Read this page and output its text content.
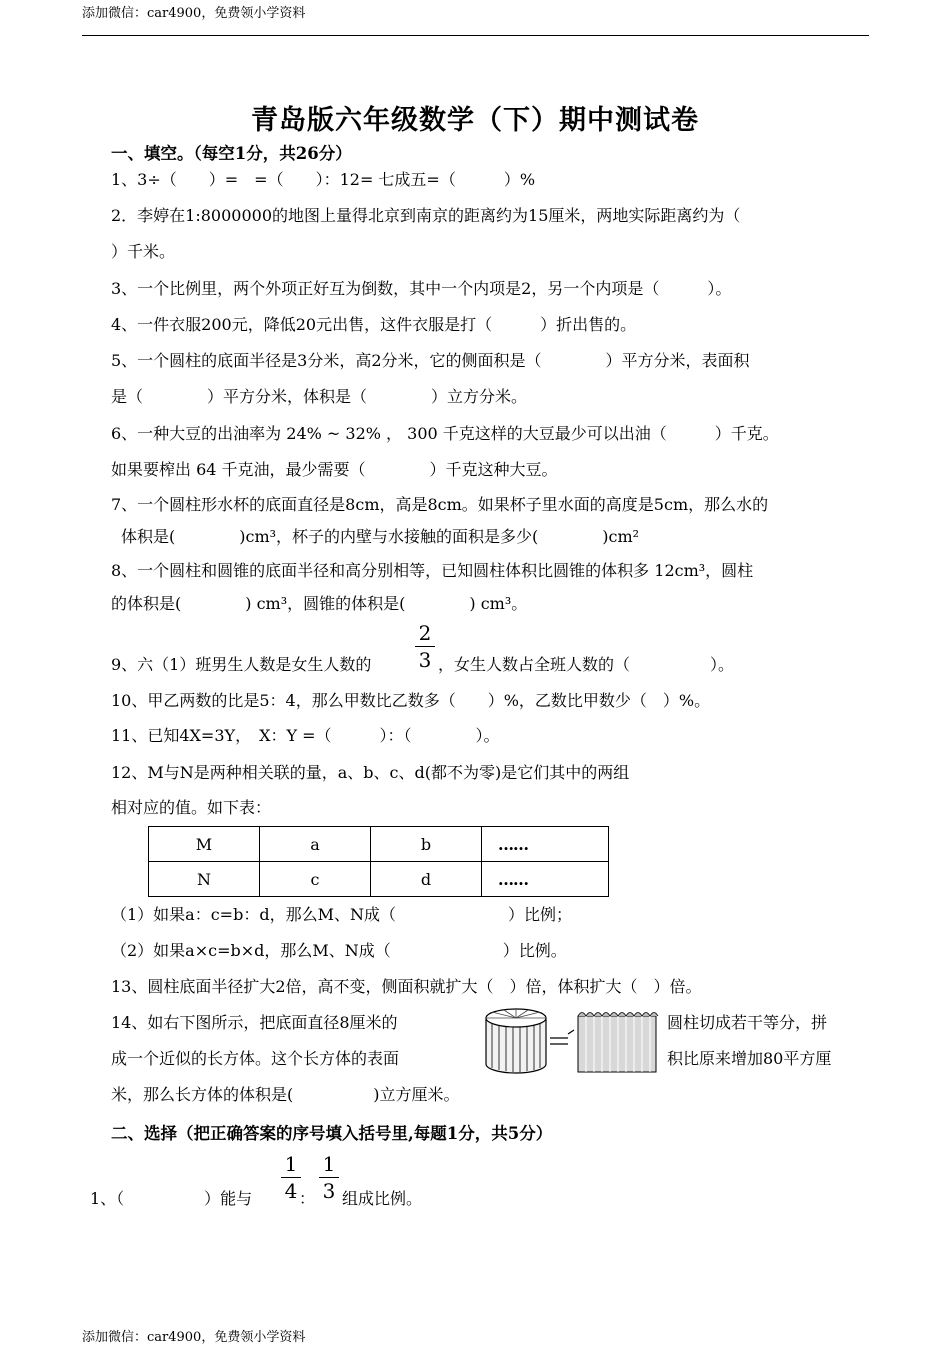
添加微信：car4900，免费领小学资料
青岛版六年级数学（下）期中测试卷
一、填空。（每空1分，共26分）
1、3÷（　　）=　=（　　）：12= 七成五=（　　　）%
2．李婷在1:8000000的地图上量得北京到南京的距离约为15厘米，两地实际距离约为（
）千米。
3、一个比例里，两个外项正好互为倒数，其中一个内项是2，另一个内项是（　　　）。
4、一件衣服200元，降低20元出售，这件衣服是打（　　　）折出售的。
5、一个圆柱的底面半径是3分米，高2分米，它的侧面积是（　　　　）平方分米，表面积
是（　　　　）平方分米，体积是（　　　　）立方分米。
6、一种大豆的出油率为 24% ~ 32% ， 300 千克这样的大豆最少可以出油（　　　）千克。
如果要榨出 64 千克油，最少需要（　　　　）千克这种大豆。
7、一个圆柱形水杯的底面直径是8cm，高是8cm。如果杯子里水面的高度是5cm，那么水的
体积是(　　　　)cm³，杯子的内壁与水接触的面积是多少(　　　　)cm²
8、一个圆柱和圆锥的底面半径和高分别相等，已知圆柱体积比圆锥的体积多 12cm³，圆柱
的体积是(　　　　) cm³，圆锥的体积是(　　　　) cm³。
9、六（1）班男生人数是女生人数的
2
3 ，女生人数占全班人数的（　　　　　）。
10、甲乙两数的比是5：4，那么甲数比乙数多（　　）%，乙数比甲数少（　）%。
11、已知4X=3Y，　X：Y =（　　　）：（　　　　）。
12、M与N是两种相关联的量，a、b、c、d(都不为零)是它们其中的两组
相对应的值。如下表：
M	a	b	……
N	c	d	……
（1）如果a：c=b：d，那么M、N成（　　　　　　　）比例；
（2）如果a×c=b×d，那么M、N成（　　　　　　　）比例。
13、圆柱底面半径扩大2倍，高不变，侧面积就扩大（　）倍，体积扩大（　）倍。
14、如右下图所示，把底面直径8厘米的	圆柱切成若干等分，拼
成一个近似的长方体。这个长方体的表面	积比原来增加80平方厘
米，那么长方体的体积是(　　　　　)立方厘米。
二、选择（把正确答案的序号填入括号里,每题1分，共5分）
1、（　　　　　）能与
1
4 ：
1
3 组成比例。
添加微信：car4900，免费领小学资料
